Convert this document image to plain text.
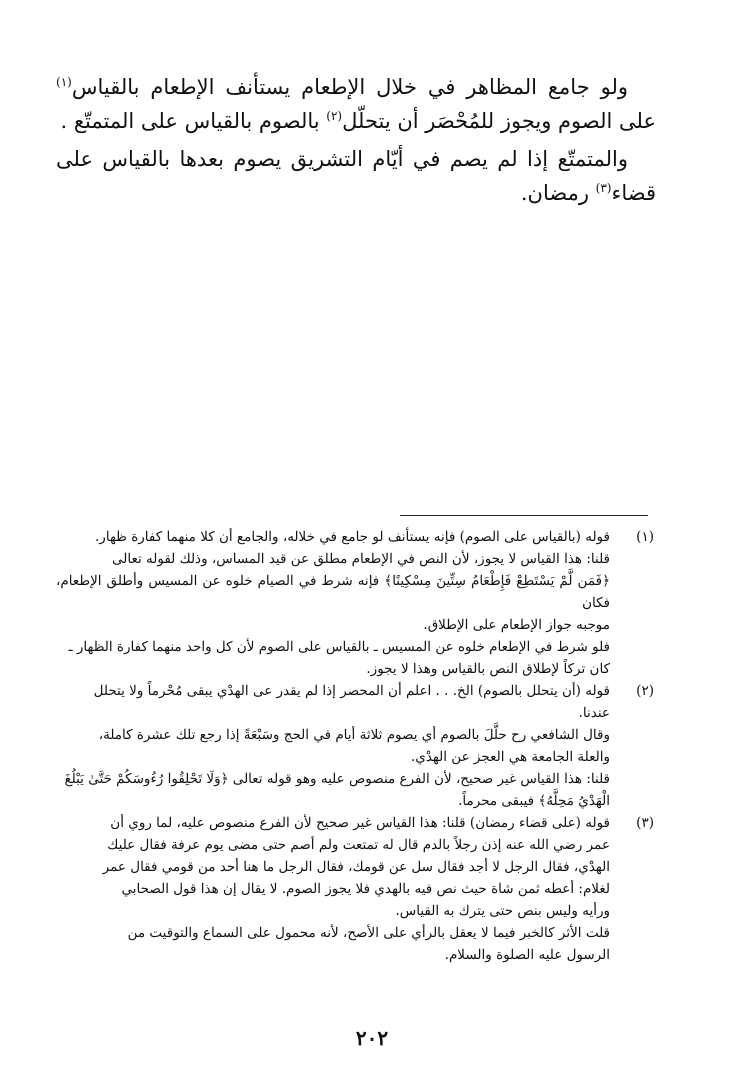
ولو جامع المظاهر في خلال الإطعام يستأنف الإطعام بالقياس$^{(١)}$ على الصوم ويجوز للمُحْصَر أن يتحلّل$^{(٢)}$ بالصوم بالقياس على المتمتّع .

والمتمتّع إذا لم يصم في أيّام التشريق يصوم بعدها بالقياس على قضاء$^{(٣)}$ رمضان.

(١)
قوله (بالقياس على الصوم) فإنه يستأنف لو جامع في خلاله، والجامع أن كلا منهما كفارة ظهار.
قلنا: هذا القياس لا يجوز، لأن النص في الإطعام مطلق عن قيد المساس، وذلك لقوله تعالى
﴿فَمَن لَّمْ يَسْتَطِعْ فَإِطْعَامُ سِتِّينَ مِسْكِينًا﴾ فإنه شرط في الصيام خلوه عن المسيس وأطلق الإطعام، فكان
موجبه جواز الإطعام على الإطلاق.
فلو شرط في الإطعام خلوه عن المسيس ـ بالقياس على الصوم لأن كل واحد منهما كفارة الظهار ـ
كان تركاً لإطلاق النص بالقياس وهذا لا يجوز.
(٢)
قوله (أن يتحلل بالصوم) الخ. . . اعلم أن المحصر إذا لم يقدر عى الهدْي يبقى مُحْرماً ولا يتحلل
عندنا.
وقال الشافعي رح حلَّلَ بالصوم أي يصوم ثلاثة أيام في الحج وسَبْعَةً إذا رجع تلك عشرة كاملة،
والعلة الجامعة هي العجز عن الهدْي.
قلنا: هذا القياس غير صحيح، لأن الفرع منصوص عليه وهو قوله تعالى ﴿وَلَا تَحْلِقُوا رُءُوسَكُمْ حَتَّىٰ يَبْلُغَ
الْهَدْيُ مَحِلَّهُ﴾ فيبقى محرماً.
(٣)
قوله (على قضاء رمضان) قلنا: هذا القياس غير صحيح لأن الفرع منصوص عليه، لما روي أن
عمر رضي الله عنه إذن رجلاً بالدم قال له تمتعت ولم أصم حتى مضى يوم عرفة فقال عليك
الهدْي، فقال الرجل لا أجد فقال سل عن قومك، فقال الرجل ما هنا أحد من قومي فقال عمر
لغلام: أعطه ثمن شاة حيث نص فيه بالهدي فلا يجوز الصوم. لا يقال إن هذا قول الصحابي
ورأيه وليس بنص حتى يترك به القياس.
قلت الأثر كالخبر فيما لا يعقل بالرأي على الأصح، لأنه محمول على السماع والتوقيت من
الرسول عليه الصلوة والسلام.
٢٠٢
